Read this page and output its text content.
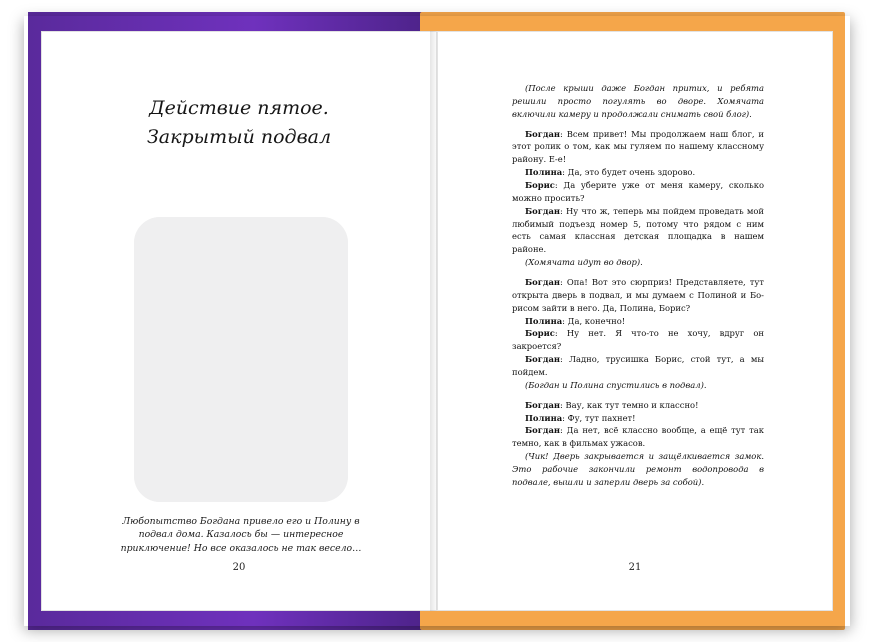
Действие пятое.
Закрытый подвал
Любопытство Богдана привело его и Полину в подвал дома. Казалось бы — интересное приключение! Но все оказалось не так весело…
20

(После крыши даже Богдан притих, и ребята решили просто погулять во дворе. Хомячата включили камеру и продолжали снимать свой блог).

Богдан: Всем привет! Мы продолжаем наш блог, и этот ролик о том, как мы гуляем по нашему классному району. Е-е!

Полина: Да, это будет очень здорово.

Борис: Да уберите уже от меня камеру, сколько можно просить?

Богдан: Ну что ж, теперь мы пойдем проведать мой любимый подъезд номер 5, потому что рядом с ним есть самая классная детская площадка в нашем районе.

(Хомячата идут во двор).

Богдан: Опа! Вот это сюрприз! Представляете, тут открыта дверь в подвал, и мы думаем с Полиной и Борисом зайти в него. Да, Полина, Борис?

Полина: Да, конечно!

Борис: Ну нет. Я что-то не хочу, вдруг он закроется?

Богдан: Ладно, трусишка Борис, стой тут, а мы пойдем.

(Богдан и Полина спустились в подвал).

Богдан: Вау, как тут темно и классно!

Полина: Фу, тут пахнет!

Богдан: Да нет, всё классно вообще, а ещё тут так темно, как в фильмах ужасов.

(Чик! Дверь закрывается и защёлкивается замок. Это рабочие закончили ремонт водопровода в подвале, вышли и заперли дверь за собой).

21
